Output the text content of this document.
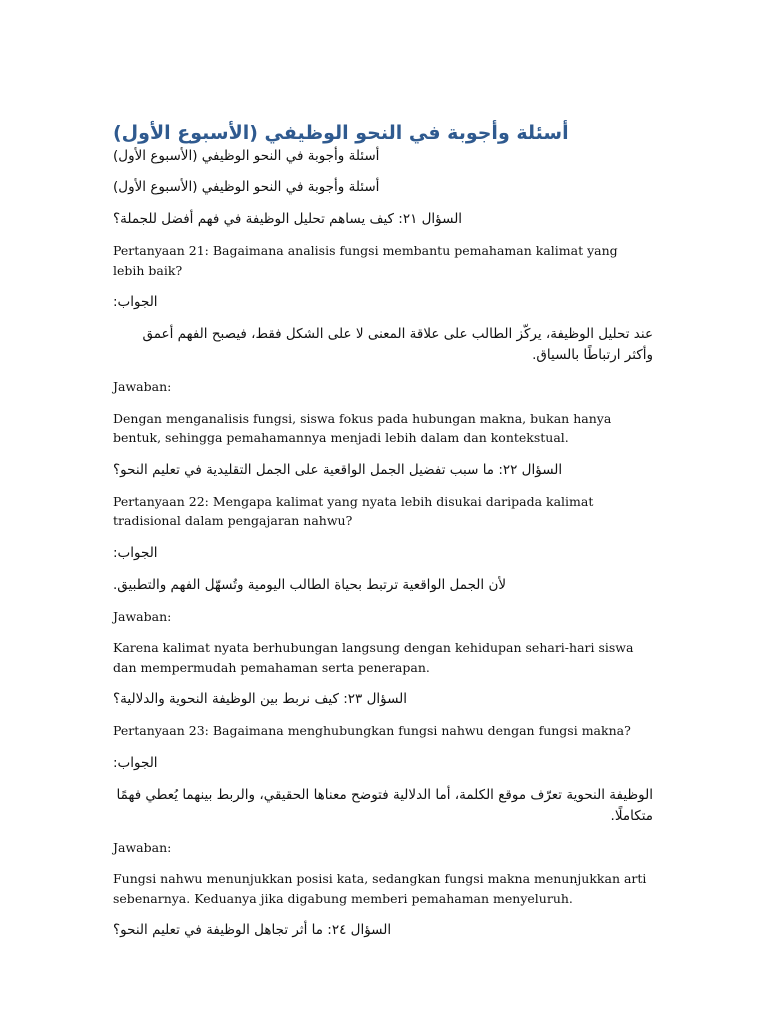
أسئلة وأجوبة في النحو الوظيفي (الأسبوع الأول)
أسئلة وأجوبة في النحو الوظيفي (الأسبوع الأول)
أسئلة وأجوبة في النحو الوظيفي (الأسبوع الأول)
السؤال ٢١: كيف يساهم تحليل الوظيفة في فهم أفضل للجملة؟
Pertanyaan 21: Bagaimana analisis fungsi membantu pemahaman kalimat yang lebih baik?
الجواب:
عند تحليل الوظيفة، يركّز الطالب على علاقة المعنى لا على الشكل فقط، فيصبح الفهم أعمق وأكثر ارتباطًا بالسياق.
Jawaban:
Dengan menganalisis fungsi, siswa fokus pada hubungan makna, bukan hanya bentuk, sehingga pemahamannya menjadi lebih dalam dan kontekstual.
السؤال ٢٢: ما سبب تفضيل الجمل الواقعية على الجمل التقليدية في تعليم النحو؟
Pertanyaan 22: Mengapa kalimat yang nyata lebih disukai daripada kalimat tradisional dalam pengajaran nahwu?
الجواب:
لأن الجمل الواقعية ترتبط بحياة الطالب اليومية وتُسهّل الفهم والتطبيق.
Jawaban:
Karena kalimat nyata berhubungan langsung dengan kehidupan sehari-hari siswa dan mempermudah pemahaman serta penerapan.
السؤال ٢٣: كيف نربط بين الوظيفة النحوية والدلالية؟
Pertanyaan 23: Bagaimana menghubungkan fungsi nahwu dengan fungsi makna?
الجواب:
الوظيفة النحوية تعرّف موقع الكلمة، أما الدلالية فتوضح معناها الحقيقي، والربط بينهما يُعطي فهمًا متكاملًا.
Jawaban:
Fungsi nahwu menunjukkan posisi kata, sedangkan fungsi makna menunjukkan arti sebenarnya. Keduanya jika digabung memberi pemahaman menyeluruh.
السؤال ٢٤: ما أثر تجاهل الوظيفة في تعليم النحو؟
